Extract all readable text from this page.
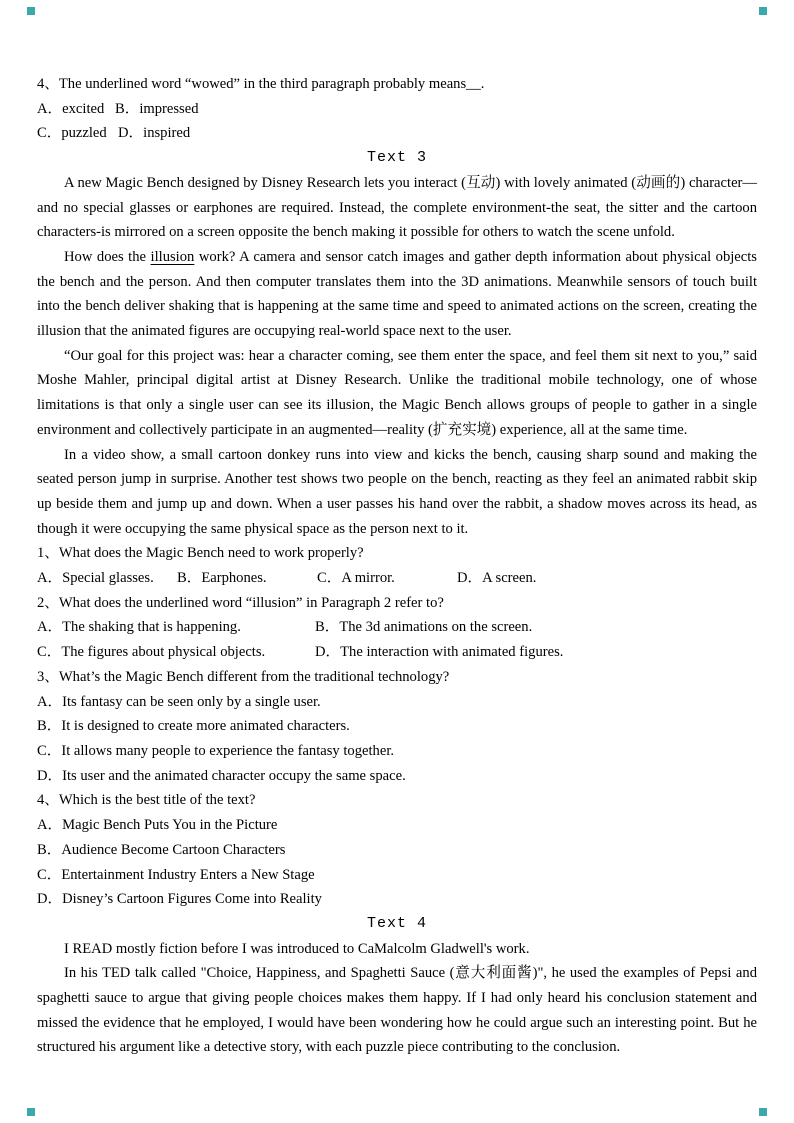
4、The underlined word “wowed” in the third paragraph probably means__.
A．excited B．impressed
C．puzzled D．inspired
Text 3

A new Magic Bench designed by Disney Research lets you interact (互动) with lovely animated (动画的) character—and no special glasses or earphones are required. Instead, the complete environment-the seat, the sitter and the cartoon characters-is mirrored on a screen opposite the bench making it possible for others to watch the scene unfold.

How does the illusion work? A camera and sensor catch images and gather depth information about physical objects the bench and the person. And then computer translates them into the 3D animations. Meanwhile sensors of touch built into the bench deliver shaking that is happening at the same time and speed to animated actions on the screen, creating the illusion that the animated figures are occupying real-world space next to the user.

“Our goal for this project was: hear a character coming, see them enter the space, and feel them sit next to you,” said Moshe Mahler, principal digital artist at Disney Research. Unlike the traditional mobile technology, one of whose limitations is that only a single user can see its illusion, the Magic Bench allows groups of people to gather in a single environment and collectively participate in an augmented—reality (扩充实境) experience, all at the same time.

In a video show, a small cartoon donkey runs into view and kicks the bench, causing sharp sound and making the seated person jump in surprise. Another test shows two people on the bench, reacting as they feel an animated rabbit skip up beside them and jump up and down. When a user passes his hand over the rabbit, a shadow moves across its head, as though it were occupying the same physical space as the person next to it.

1、What does the Magic Bench need to work properly?
A．Special glasses. B．Earphones.	C．A mirror.	D．A screen.
2、What does the underlined word “illusion” in Paragraph 2 refer to?
A．The shaking that is happening.	B．The 3d animations on the screen.
C．The figures about physical objects.	D．The interaction with animated figures.
3、What’s the Magic Bench different from the traditional technology?
A．Its fantasy can be seen only by a single user.
B．It is designed to create more animated characters.
C．It allows many people to experience the fantasy together.
D．Its user and the animated character occupy the same space.
4、Which is the best title of the text?
A．Magic Bench Puts You in the Picture
B．Audience Become Cartoon Characters
C．Entertainment Industry Enters a New Stage
D．Disney’s Cartoon Figures Come into Reality
Text 4

I READ mostly fiction before I was introduced to CaMalcolm Gladwell's work.

In his TED talk called "Choice, Happiness, and Spaghetti Sauce (意大利面酱)", he used the examples of Pepsi and spaghetti sauce to argue that giving people choices makes them happy. If I had only heard his conclusion statement and missed the evidence that he employed, I would have been wondering how he could argue such an interesting point. But he structured his argument like a detective story, with each puzzle piece contributing to the conclusion.
